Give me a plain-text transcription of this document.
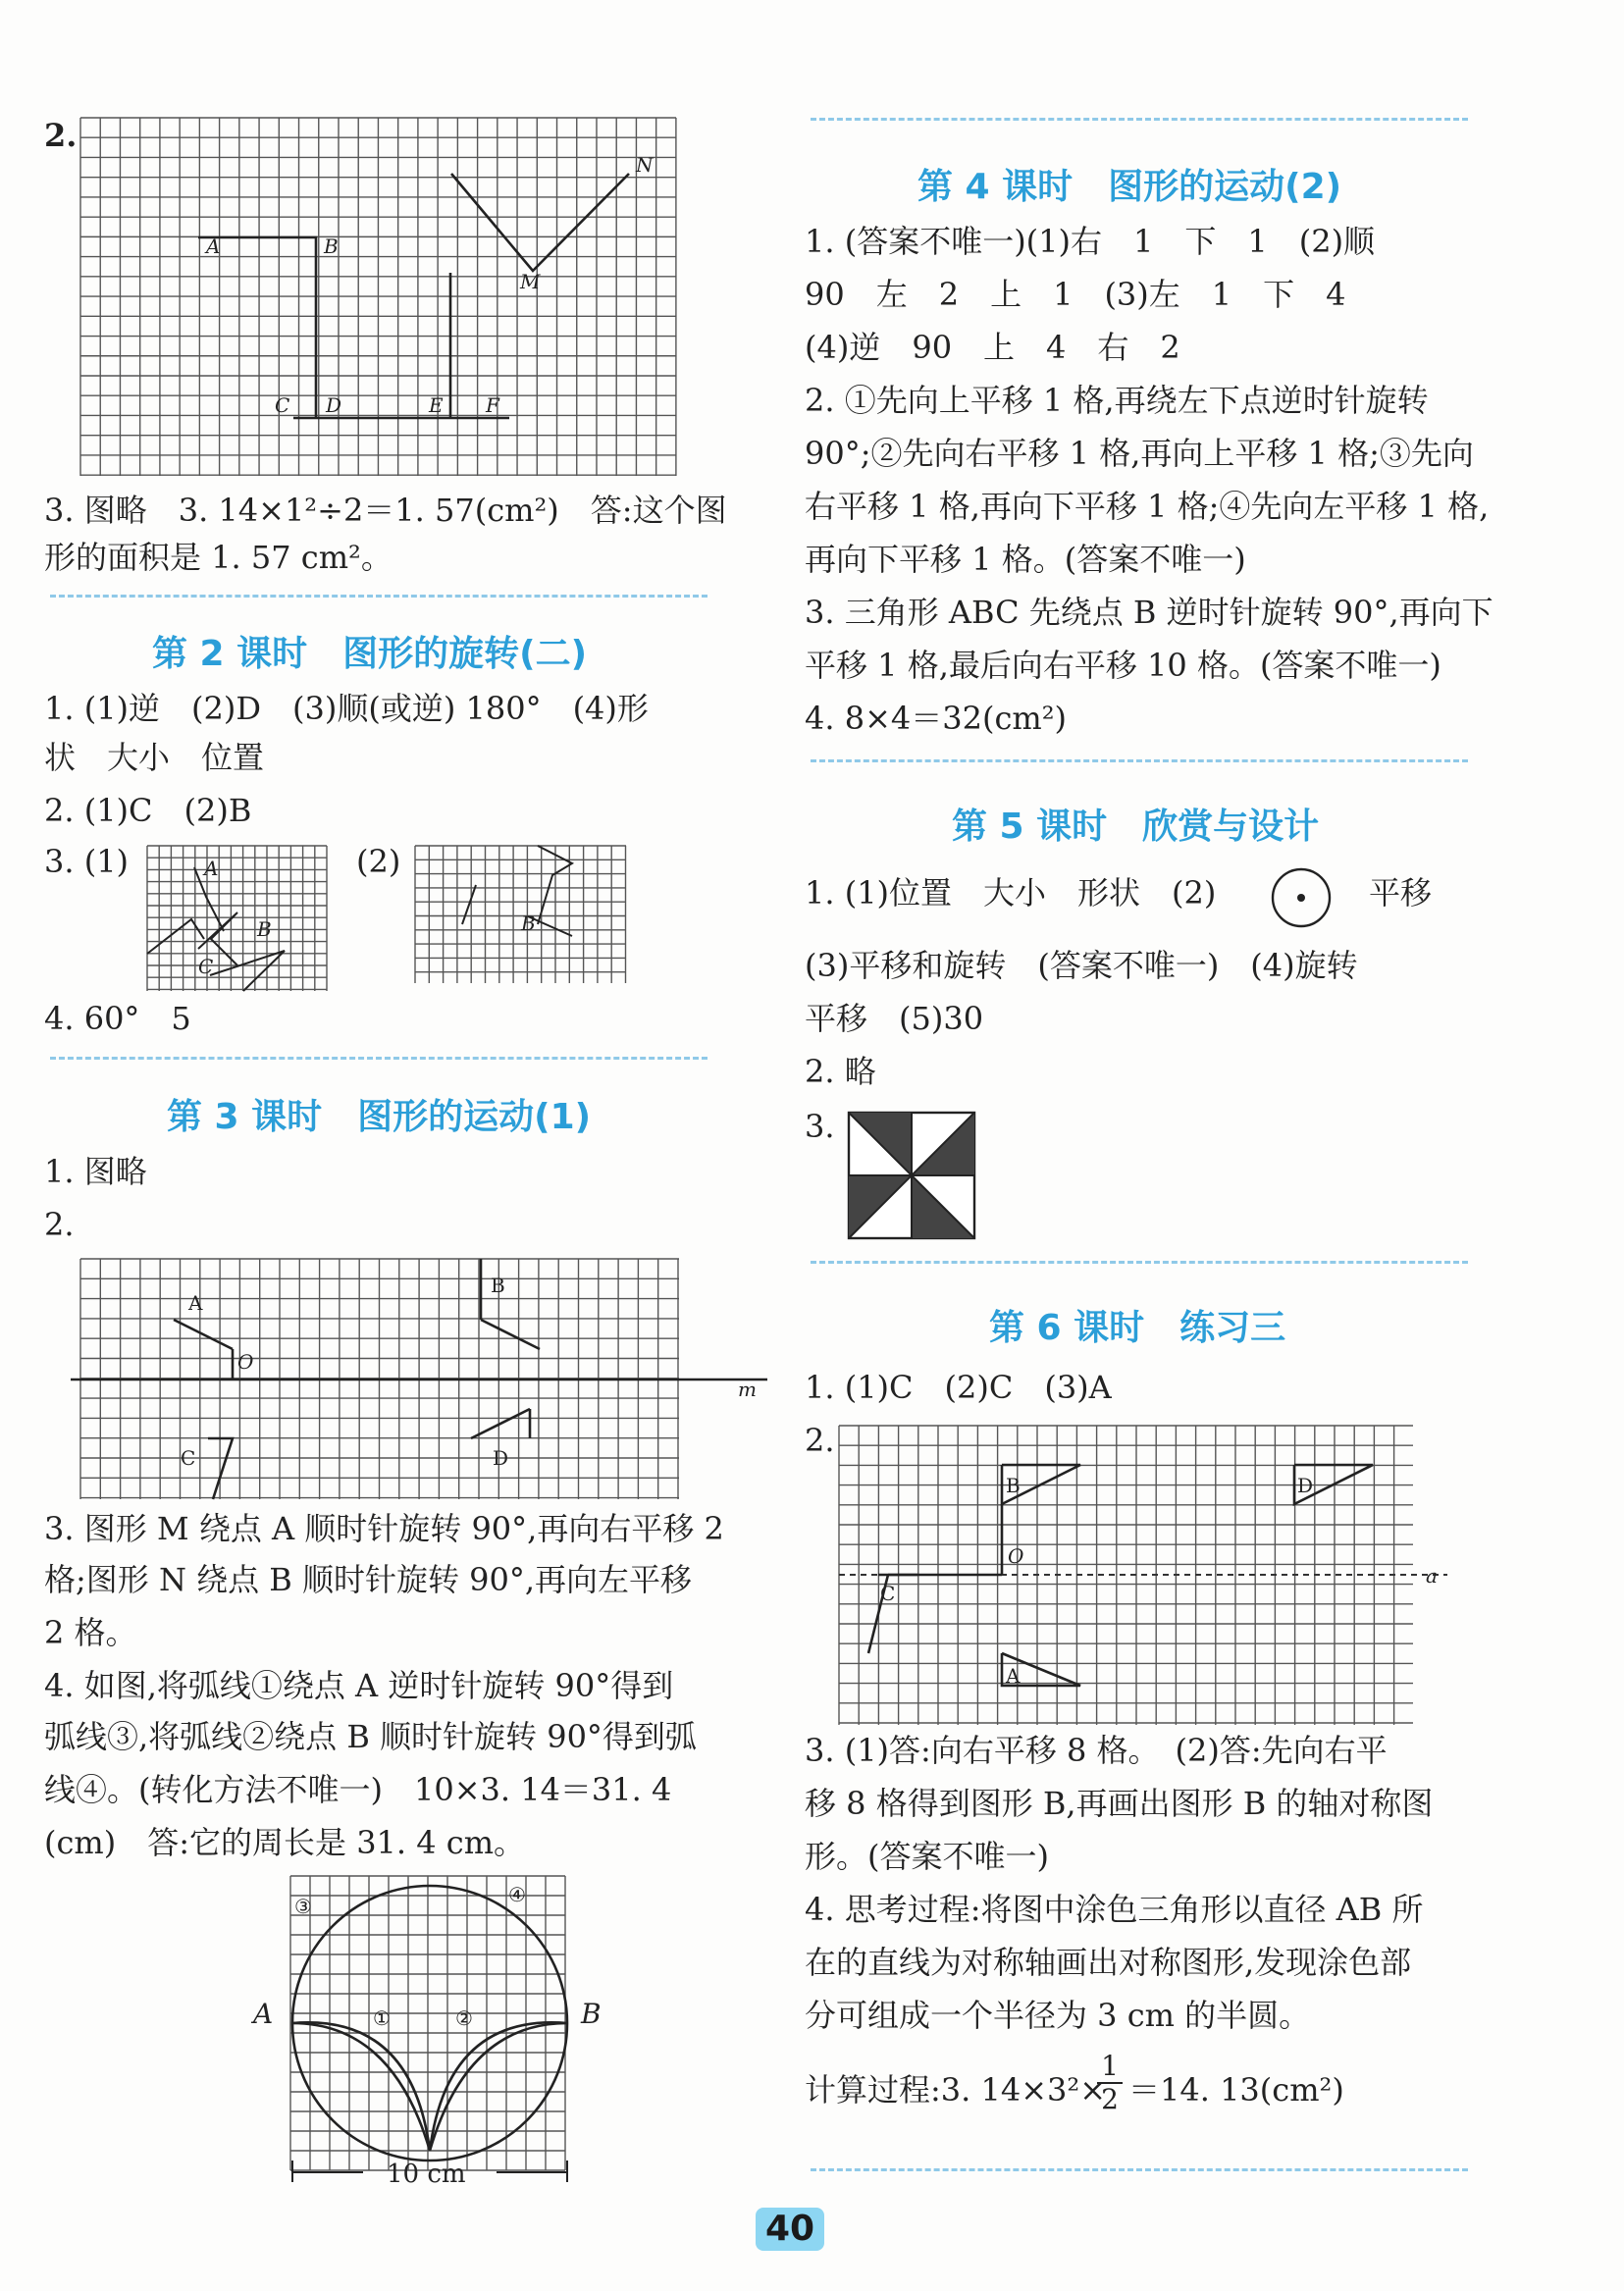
2.
A	B
C D	E F
M
N
3. 图略　3. 14×1²÷2＝1. 57(cm²)　答:这个图
形的面积是 1. 57 cm²。
第 2 课时　图形的旋转(二)
1. (1)逆　(2)D　(3)顺(或逆) 180°　(4)形
状　大小　位置
2. (1)C　(2)B
3. (1)	A
B
C
(2)
B
4. 60°　5
第 3 课时　图形的运动(1)
1. 图略
2.
A
B
C	D
O
m
3. 图形 M 绕点 A 顺时针旋转 90°,再向右平移 2
格;图形 N 绕点 B 顺时针旋转 90°,再向左平移
2 格。
4. 如图,将弧线①绕点 A 逆时针旋转 90°得到
弧线③,将弧线②绕点 B 顺时针旋转 90°得到弧
线④。(转化方法不唯一)　10×3. 14＝31. 4
(cm)　答:它的周长是 31. 4 cm。
A	B
①	②
③	④
10 cm
第 4 课时　图形的运动(2)
1. (答案不唯一)(1)右　1　下　1　(2)顺
90　左　2　上　1　(3)左　1　下　4
(4)逆　90　上　4　右　2
2. ①先向上平移 1 格,再绕左下点逆时针旋转
90°;②先向右平移 1 格,再向上平移 1 格;③先向
右平移 1 格,再向下平移 1 格;④先向左平移 1 格,
再向下平移 1 格。(答案不唯一)
3. 三角形 ABC 先绕点 B 逆时针旋转 90°,再向下
平移 1 格,最后向右平移 10 格。(答案不唯一)
4. 8×4＝32(cm²)
第 5 课时　欣赏与设计
1. (1)位置　大小　形状　(2)	平移
(3)平移和旋转　(答案不唯一)　(4)旋转
平移　(5)30
2. 略
3.
第 6 课时　练习三
1. (1)C　(2)C　(3)A
2.
B
O
C
A
D
a
3. (1)答:向右平移 8 格。　(2)答:先向右平
移 8 格得到图形 B,再画出图形 B 的轴对称图
形。(答案不唯一)
4. 思考过程:将图中涂色三角形以直径 AB 所
在的直线为对称轴画出对称图形,发现涂色部
分可组成一个半径为 3 cm 的半圆。
计算过程:3. 14×3²×
$\frac{1}{2} =14$. 13(cm²)
40
